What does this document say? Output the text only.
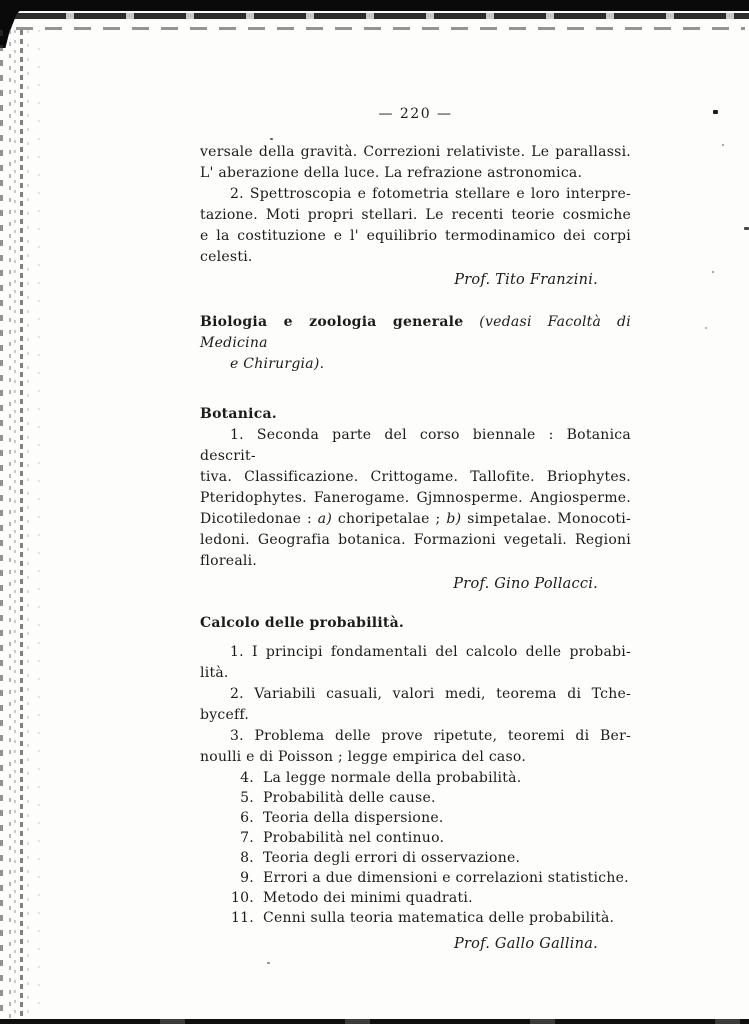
— 220 —
versale della gravità. Correzioni relativiste. Le parallassi.
L' aberazione della luce. La refrazione astronomica.
2. Spettroscopia e fotometria stellare e loro interpre-
tazione. Moti propri stellari. Le recenti teorie cosmiche
e la costituzione e l' equilibrio termodinamico dei corpi
celesti.
Prof. Tito Franzini.
Biologia e zoologia generale (vedasi Facoltà di Medicina
e Chirurgia).
Botanica.
1. Seconda parte del corso biennale : Botanica descrit-
tiva. Classificazione. Crittogame. Tallofite. Briophytes.
Pteridophytes. Fanerogame. Gjmnosperme. Angiosperme.
Dicotiledonae : a) choripetalae ; b) simpetalae. Monocoti-
ledoni. Geografia botanica. Formazioni vegetali. Regioni
floreali.
Prof. Gino Pollacci.
Calcolo delle probabilità.
1. I principi fondamentali del calcolo delle probabi-
lità.
2. Variabili casuali, valori medi, teorema di Tche-
byceff.
3. Problema delle prove ripetute, teoremi di Ber-
noulli e di Poisson ; legge empirica del caso.
4. La legge normale della probabilità.
5. Probabilità delle cause.
6. Teoria della dispersione.
7. Probabilità nel continuo.
8. Teoria degli errori di osservazione.
9. Errori a due dimensioni e correlazioni statistiche.
10. Metodo dei minimi quadrati.
11. Cenni sulla teoria matematica delle probabilità.
Prof. Gallo Gallina.
